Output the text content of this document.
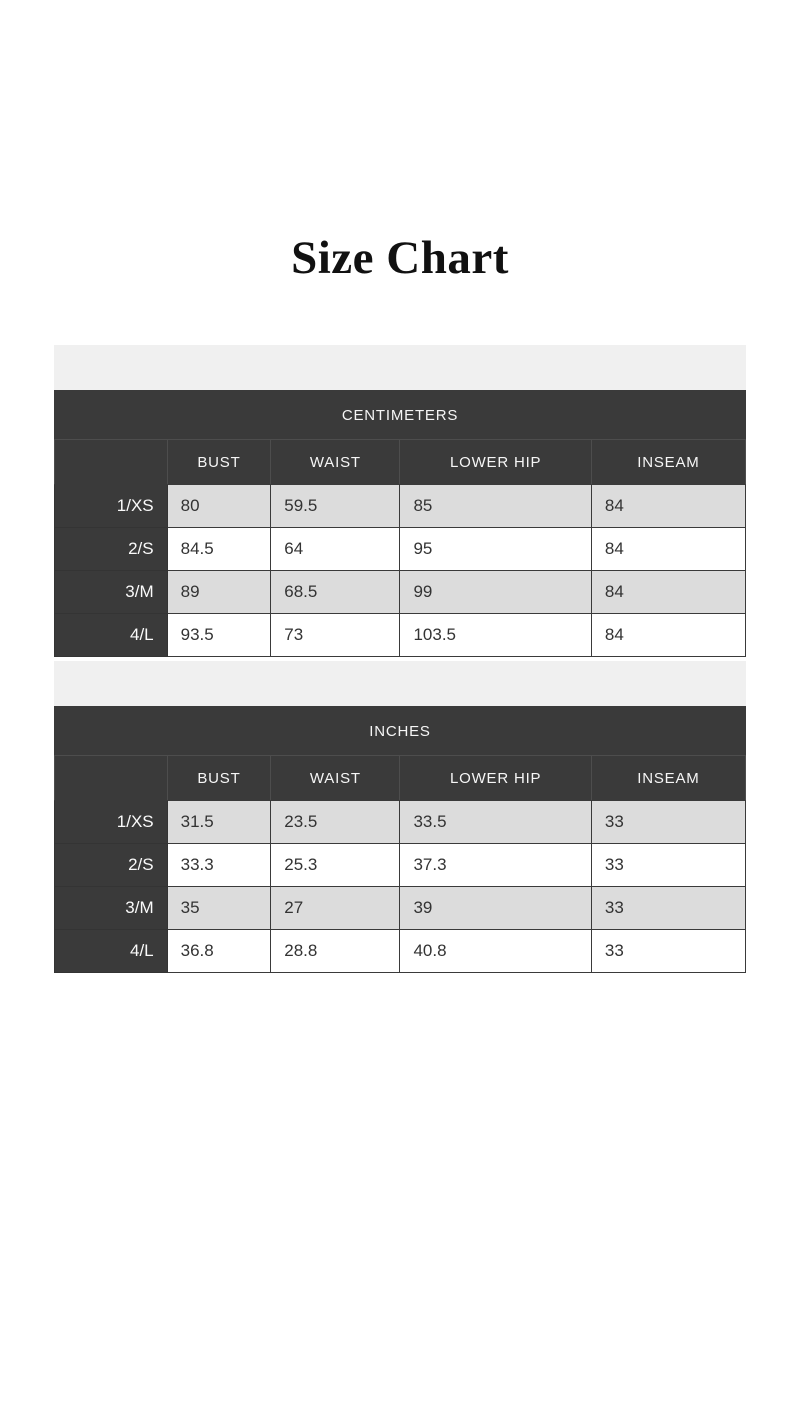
Size Chart
CENTIMETERS				
	BUST	WAIST	LOWER HIP	INSEAM
1/XS	80	59.5	85	84
2/S	84.5	64	95	84
3/M	89	68.5	99	84
4/L	93.5	73	103.5	84
INCHES				
	BUST	WAIST	LOWER HIP	INSEAM
1/XS	31.5	23.5	33.5	33
2/S	33.3	25.3	37.3	33
3/M	35	27	39	33
4/L	36.8	28.8	40.8	33
